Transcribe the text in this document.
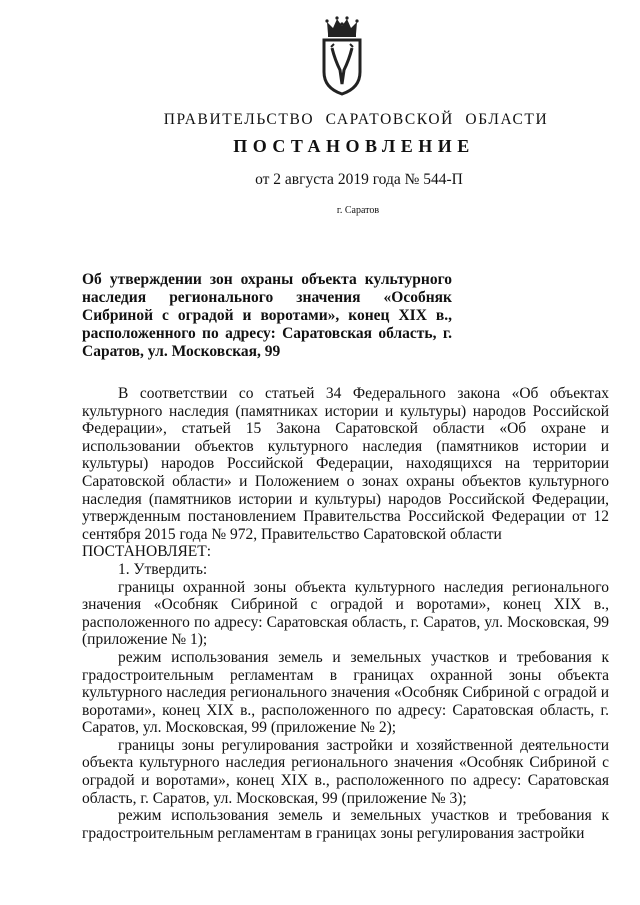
ПРАВИТЕЛЬСТВО САРАТОВСКОЙ ОБЛАСТИ
ПОСТАНОВЛЕНИЕ
от 2 августа 2019 года № 544-П
г. Саратов
Об утверждении зон охраны объекта культурного наследия регионального значения «Особняк Сибриной с оградой и воротами», конец XIX в., расположенного по адресу: Саратовская область, г. Саратов, ул. Московская, 99

В соответствии со статьей 34 Федерального закона «Об объектах культурного наследия (памятниках истории и культуры) народов Российской Федерации», статьей 15 Закона Саратовской области «Об охране и использовании объектов культурного наследия (памятников истории и культуры) народов Российской Федерации, находящихся на территории Саратовской области» и Положением о зонах охраны объектов культурного наследия (памятников истории и культуры) народов Российской Федерации, утвержденным постановлением Правительства Российской Федерации от 12 сентября 2015 года № 972, Правительство Саратовской области

ПОСТАНОВЛЯЕТ:

1. Утвердить:

границы охранной зоны объекта культурного наследия регионального значения «Особняк Сибриной с оградой и воротами», конец XIX в., расположенного по адресу: Саратовская область, г. Саратов, ул. Московская, 99 (приложение № 1);

режим использования земель и земельных участков и требования к градостроительным регламентам в границах охранной зоны объекта культурного наследия регионального значения «Особняк Сибриной с оградой и воротами», конец XIX в., расположенного по адресу: Саратовская область, г. Саратов, ул. Московская, 99 (приложение № 2);

границы зоны регулирования застройки и хозяйственной деятельности объекта культурного наследия регионального значения «Особняк Сибриной с оградой и воротами», конец XIX в., расположенного по адресу: Саратовская область, г. Саратов, ул. Московская, 99 (приложение № 3);

режим использования земель и земельных участков и требования к градостроительным регламентам в границах зоны регулирования застройки
